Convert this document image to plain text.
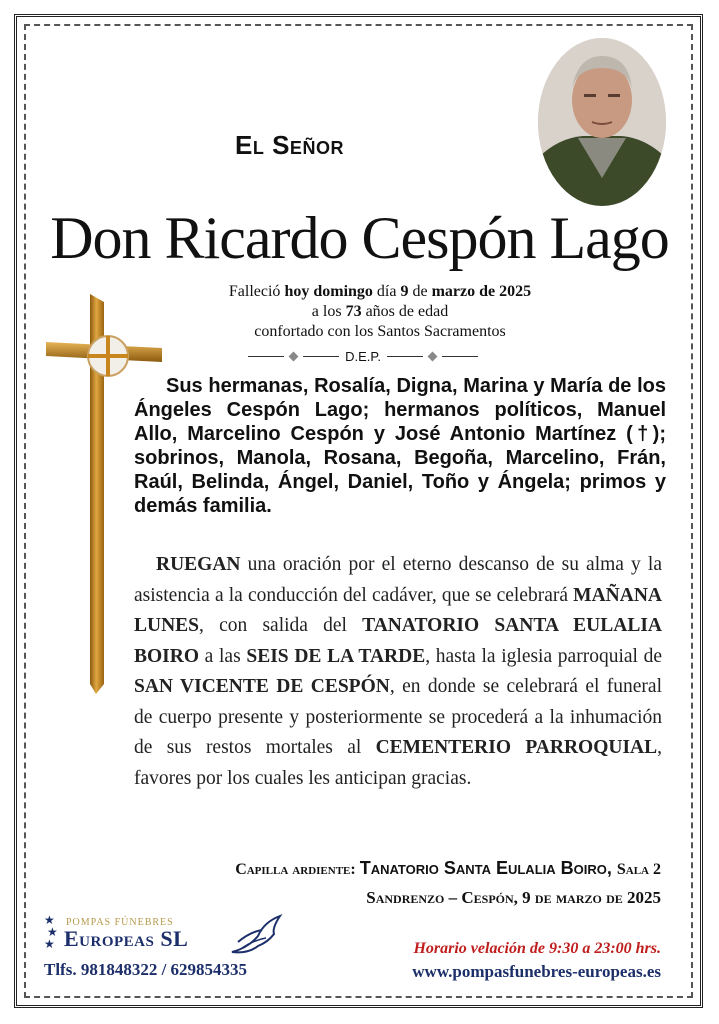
El Señor
Don Ricardo Cespón Lago
Falleció hoy domingo día 9 de marzo de 2025
a los 73 años de edad
confortado con los Santos Sacramentos
D.E.P.
Sus hermanas, Rosalía, Digna, Marina y María de los Ángeles Cespón Lago; hermanos políticos, Manuel Allo, Marcelino Cespón y José Antonio Martínez (†); sobrinos, Manola, Rosana, Begoña, Marcelino, Frán, Raúl, Belinda, Ángel, Daniel, Toño y Ángela; primos y demás familia.
RUEGAN una oración por el eterno descanso de su alma y la asistencia a la conducción del cadáver, que se celebrará MAÑANA LUNES, con salida del TANATORIO SANTA EULALIA BOIRO a las SEIS DE LA TARDE, hasta la iglesia parroquial de SAN VICENTE DE CESPÓN, en donde se celebrará el funeral de cuerpo presente y posteriormente se procederá a la inhumación de sus restos mortales al CEMENTERIO PARROQUIAL, favores por los cuales les anticipan gracias.
Capilla ardiente: Tanatorio Santa Eulalia Boiro, Sala 2
Sandrenzo – Cespón, 9 de marzo de 2025
★
★
★
POMPAS FÚNEBRES
Europeas SL
Tlfs. 981848322 / 629854335
Horario velación de 9:30 a 23:00 hrs.
www.pompasfunebres-europeas.es
